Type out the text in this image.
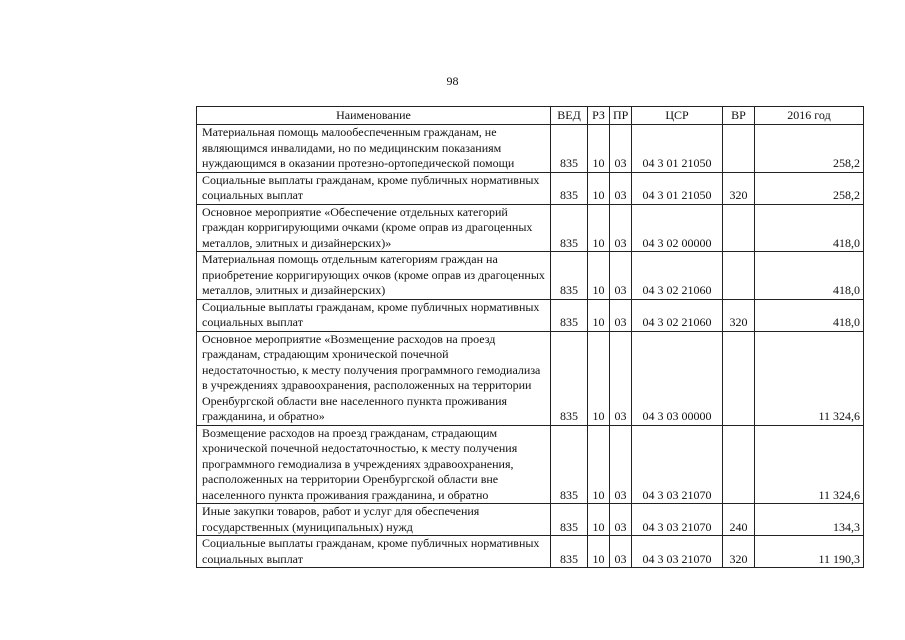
98
Наименование	ВЕД	РЗ	ПР	ЦСР	ВР	2016 год
Материальная помощь малообеспеченным гражданам, не являющимся инвалидами, но по медицинским показаниям нуждающимся в оказании протезно-ортопедической помощи	835	10	03	04 3 01 21050		258,2
Социальные выплаты гражданам, кроме публичных нормативных социальных выплат	835	10	03	04 3 01 21050	320	258,2
Основное мероприятие «Обеспечение отдельных категорий граждан корригирующими очками (кроме оправ из драгоценных металлов, элитных и дизайнерских)»	835	10	03	04 3 02 00000		418,0
Материальная помощь отдельным категориям граждан на приобретение корригирующих очков (кроме оправ из драгоценных металлов, элитных и дизайнерских)	835	10	03	04 3 02 21060		418,0
Социальные выплаты гражданам, кроме публичных нормативных социальных выплат	835	10	03	04 3 02 21060	320	418,0
Основное мероприятие «Возмещение расходов на проезд гражданам, страдающим хронической почечной недостаточностью, к месту получения программного гемодиализа в учреждениях здравоохранения, расположенных на территории Оренбургской области вне населенного пункта проживания гражданина, и обратно»	835	10	03	04 3 03 00000		11 324,6
Возмещение расходов на проезд гражданам, страдающим хронической почечной недостаточностью, к месту получения программного гемодиализа в учреждениях здравоохранения, расположенных на территории Оренбургской области вне населенного пункта проживания гражданина, и обратно	835	10	03	04 3 03 21070		11 324,6
Иные закупки товаров, работ и услуг для обеспечения государственных (муниципальных) нужд	835	10	03	04 3 03 21070	240	134,3
Социальные выплаты гражданам, кроме публичных нормативных социальных выплат	835	10	03	04 3 03 21070	320	11 190,3
